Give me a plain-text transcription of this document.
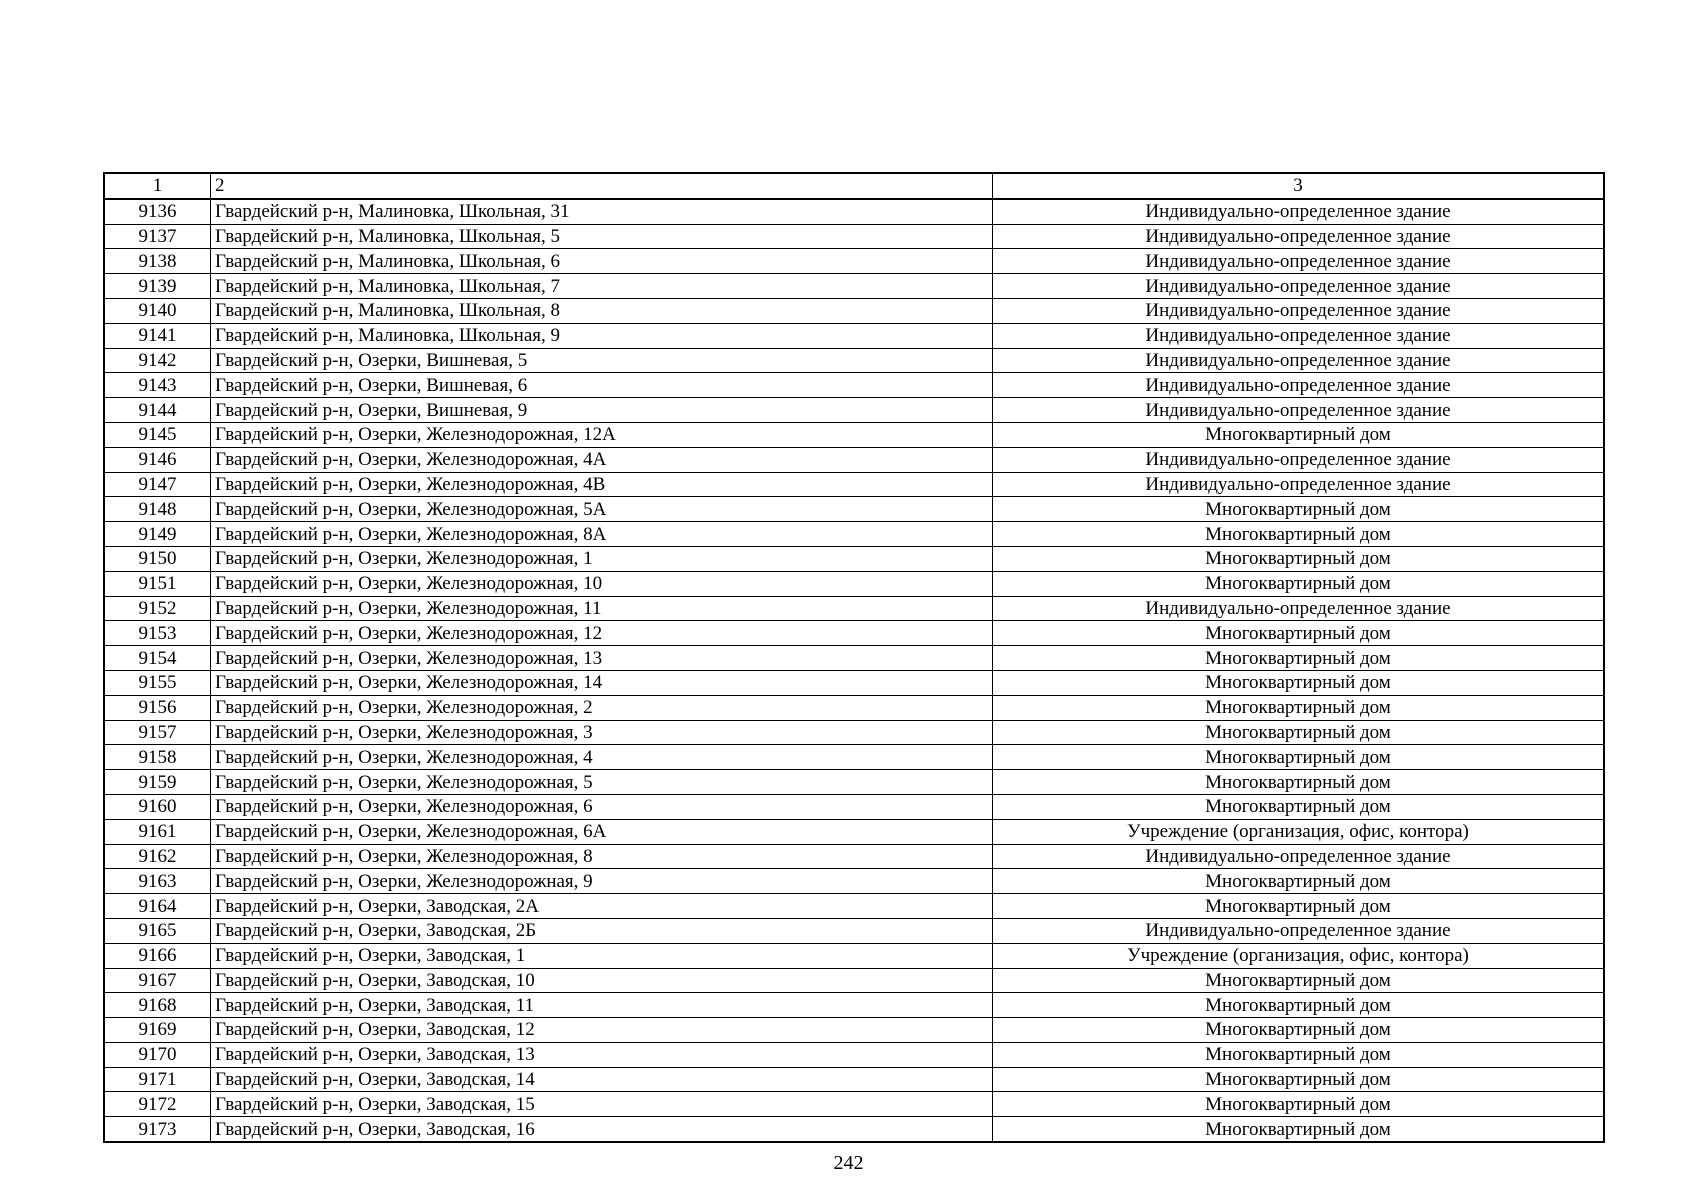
1	2	3
9136	Гвардейский р-н, Малиновка, Школьная, 31	Индивидуально-определенное здание
9137	Гвардейский р-н, Малиновка, Школьная, 5	Индивидуально-определенное здание
9138	Гвардейский р-н, Малиновка, Школьная, 6	Индивидуально-определенное здание
9139	Гвардейский р-н, Малиновка, Школьная, 7	Индивидуально-определенное здание
9140	Гвардейский р-н, Малиновка, Школьная, 8	Индивидуально-определенное здание
9141	Гвардейский р-н, Малиновка, Школьная, 9	Индивидуально-определенное здание
9142	Гвардейский р-н, Озерки, Вишневая, 5	Индивидуально-определенное здание
9143	Гвардейский р-н, Озерки, Вишневая, 6	Индивидуально-определенное здание
9144	Гвардейский р-н, Озерки, Вишневая, 9	Индивидуально-определенное здание
9145	Гвардейский р-н, Озерки, Железнодорожная, 12А	Многоквартирный дом
9146	Гвардейский р-н, Озерки, Железнодорожная, 4А	Индивидуально-определенное здание
9147	Гвардейский р-н, Озерки, Железнодорожная, 4В	Индивидуально-определенное здание
9148	Гвардейский р-н, Озерки, Железнодорожная, 5А	Многоквартирный дом
9149	Гвардейский р-н, Озерки, Железнодорожная, 8А	Многоквартирный дом
9150	Гвардейский р-н, Озерки, Железнодорожная, 1	Многоквартирный дом
9151	Гвардейский р-н, Озерки, Железнодорожная, 10	Многоквартирный дом
9152	Гвардейский р-н, Озерки, Железнодорожная, 11	Индивидуально-определенное здание
9153	Гвардейский р-н, Озерки, Железнодорожная, 12	Многоквартирный дом
9154	Гвардейский р-н, Озерки, Железнодорожная, 13	Многоквартирный дом
9155	Гвардейский р-н, Озерки, Железнодорожная, 14	Многоквартирный дом
9156	Гвардейский р-н, Озерки, Железнодорожная, 2	Многоквартирный дом
9157	Гвардейский р-н, Озерки, Железнодорожная, 3	Многоквартирный дом
9158	Гвардейский р-н, Озерки, Железнодорожная, 4	Многоквартирный дом
9159	Гвардейский р-н, Озерки, Железнодорожная, 5	Многоквартирный дом
9160	Гвардейский р-н, Озерки, Железнодорожная, 6	Многоквартирный дом
9161	Гвардейский р-н, Озерки, Железнодорожная, 6А	Учреждение (организация, офис, контора)
9162	Гвардейский р-н, Озерки, Железнодорожная, 8	Индивидуально-определенное здание
9163	Гвардейский р-н, Озерки, Железнодорожная, 9	Многоквартирный дом
9164	Гвардейский р-н, Озерки, Заводская, 2А	Многоквартирный дом
9165	Гвардейский р-н, Озерки, Заводская, 2Б	Индивидуально-определенное здание
9166	Гвардейский р-н, Озерки, Заводская, 1	Учреждение (организация, офис, контора)
9167	Гвардейский р-н, Озерки, Заводская, 10	Многоквартирный дом
9168	Гвардейский р-н, Озерки, Заводская, 11	Многоквартирный дом
9169	Гвардейский р-н, Озерки, Заводская, 12	Многоквартирный дом
9170	Гвардейский р-н, Озерки, Заводская, 13	Многоквартирный дом
9171	Гвардейский р-н, Озерки, Заводская, 14	Многоквартирный дом
9172	Гвардейский р-н, Озерки, Заводская, 15	Многоквартирный дом
9173	Гвардейский р-н, Озерки, Заводская, 16	Многоквартирный дом
242
